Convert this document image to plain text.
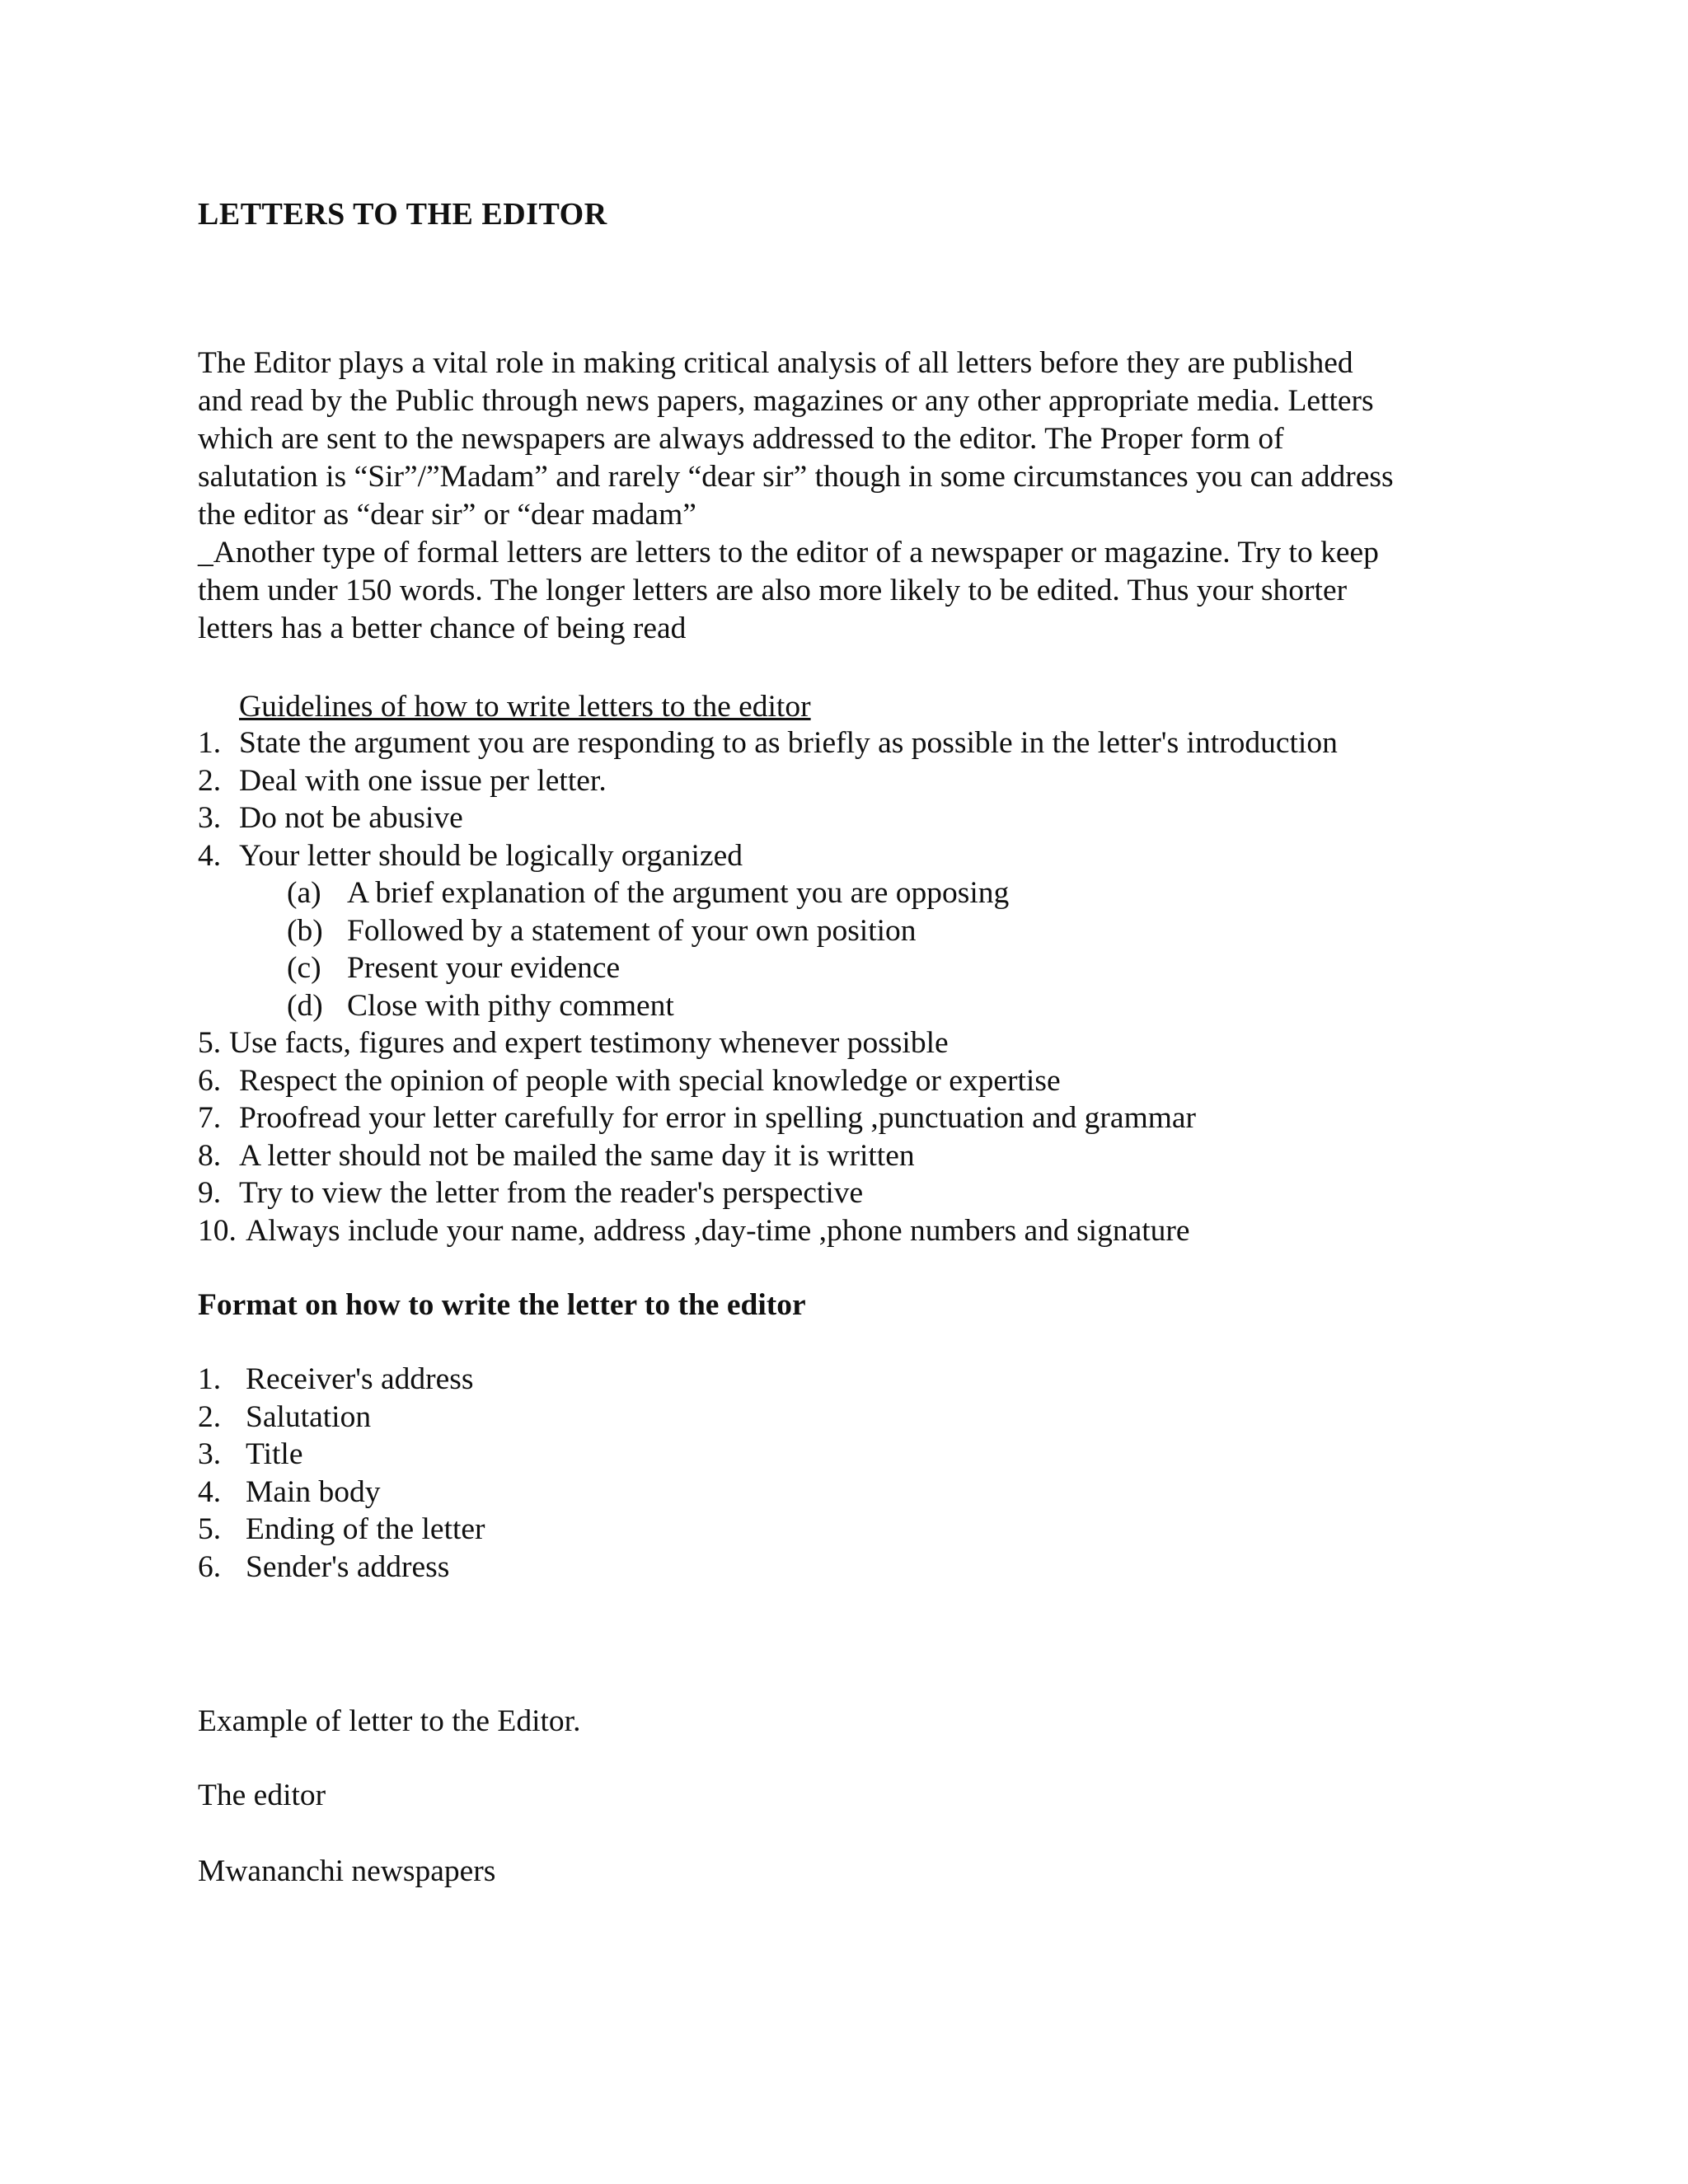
LETTERS TO THE EDITOR
The Editor plays a vital role in making critical analysis of all letters before they are published
and read by the Public through news papers, magazines or any other appropriate media. Letters
which are sent to the newspapers are always addressed to the editor. The Proper form of
salutation is “Sir”/”Madam” and rarely “dear sir” though in some circumstances you can address
the editor as “dear sir” or “dear madam”
_Another type of formal letters are letters to the editor of a newspaper or magazine. Try to keep
them under 150 words. The longer letters are also more likely to be edited. Thus your shorter
letters has a better chance of being read
Guidelines of how to write letters to the editor
1. State the argument you are responding to as briefly as possible in the letter's introduction
2. Deal with one issue per letter.
3. Do not be abusive
4. Your letter should be logically organized
(a) A brief explanation of the argument you are opposing
(b) Followed by a statement of your own position
(c) Present your evidence
(d) Close with pithy comment
5. Use facts, figures and expert testimony whenever possible
6. Respect the opinion of people with special knowledge or expertise
7. Proofread your letter carefully for error in spelling ,punctuation and grammar
8. A letter should not be mailed the same day it is written
9. Try to view the letter from the reader's perspective
10. Always include your name, address ,day-time ,phone numbers and signature
Format on how to write the letter to the editor
1. Receiver's address
2. Salutation
3. Title
4. Main body
5. Ending of the letter
6. Sender's address
Example of letter to the Editor.
The editor
Mwananchi newspapers
